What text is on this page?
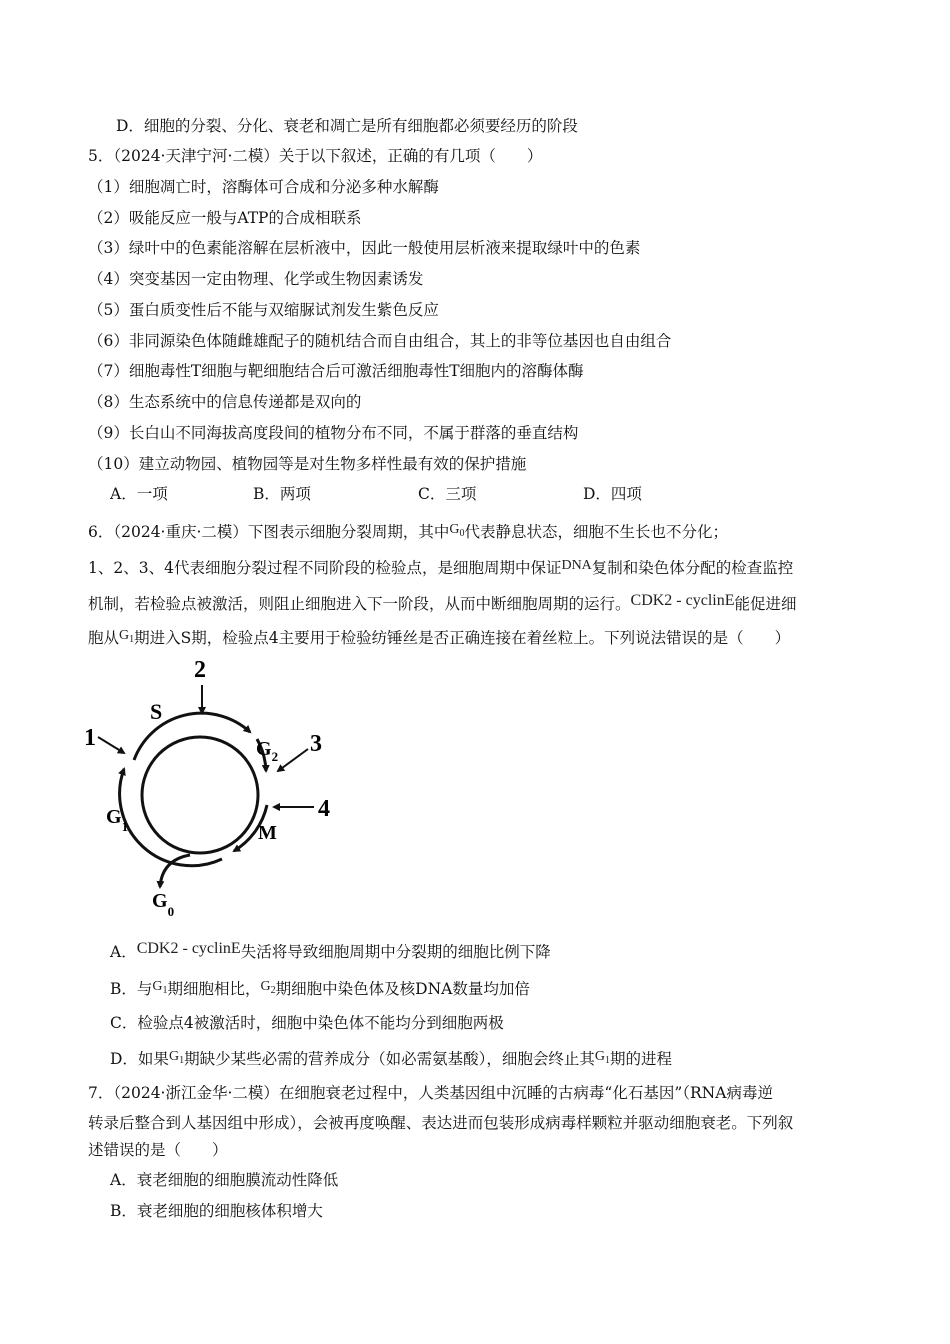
D．细胞的分裂、分化、衰老和凋亡是所有细胞都必须要经历的阶段
5．（2024·天津宁河·二模）关于以下叙述，正确的有几项（　　）
（1）细胞凋亡时，溶酶体可合成和分泌多种水解酶
（2）吸能反应一般与ATP的合成相联系
（3）绿叶中的色素能溶解在层析液中，因此一般使用层析液来提取绿叶中的色素
（4）突变基因一定由物理、化学或生物因素诱发
（5）蛋白质变性后不能与双缩脲试剂发生紫色反应
（6）非同源染色体随雌雄配子的随机结合而自由组合，其上的非等位基因也自由组合
（7）细胞毒性T细胞与靶细胞结合后可激活细胞毒性T细胞内的溶酶体酶
（8）生态系统中的信息传递都是双向的
（9）长白山不同海拔高度段间的植物分布不同，不属于群落的垂直结构
（10）建立动物园、植物园等是对生物多样性最有效的保护措施
A．一项	B．两项	C．三项	D．四项
6．（2024·重庆·二模）下图表示细胞分裂周期，其中$G_0$代表静息状态，细胞不生长也不分化；
1、2、3、4代表细胞分裂过程不同阶段的检验点，是细胞周期中保证DNA复制和染色体分配的检查监控
机制，若检验点被激活，则阻止细胞进入下一阶段，从而中断细胞周期的运行。CDK2 - cyclinE能促进细
胞从$G_1$期进入S期，检验点4主要用于检验纺锤丝是否正确连接在着丝粒上。下列说法错误的是（　　）
S
$G_2$
M
$G_1$
$G_0$
1
2
3
4
A．CDK2 - cyclinE失活将导致细胞周期中分裂期的细胞比例下降
B．与$G_1$期细胞相比，$G_2$期细胞中染色体及核DNA数量均加倍
C．检验点4被激活时，细胞中染色体不能均分到细胞两极
D．如果$G_1$期缺少某些必需的营养成分（如必需氨基酸），细胞会终止其$G_1$期的进程
7．（2024·浙江金华·二模）在细胞衰老过程中，人类基因组中沉睡的古病毒“化石基因”（RNA病毒逆
转录后整合到人基因组中形成），会被再度唤醒、表达进而包装形成病毒样颗粒并驱动细胞衰老。下列叙
述错误的是（　　）
A．衰老细胞的细胞膜流动性降低
B．衰老细胞的细胞核体积增大
